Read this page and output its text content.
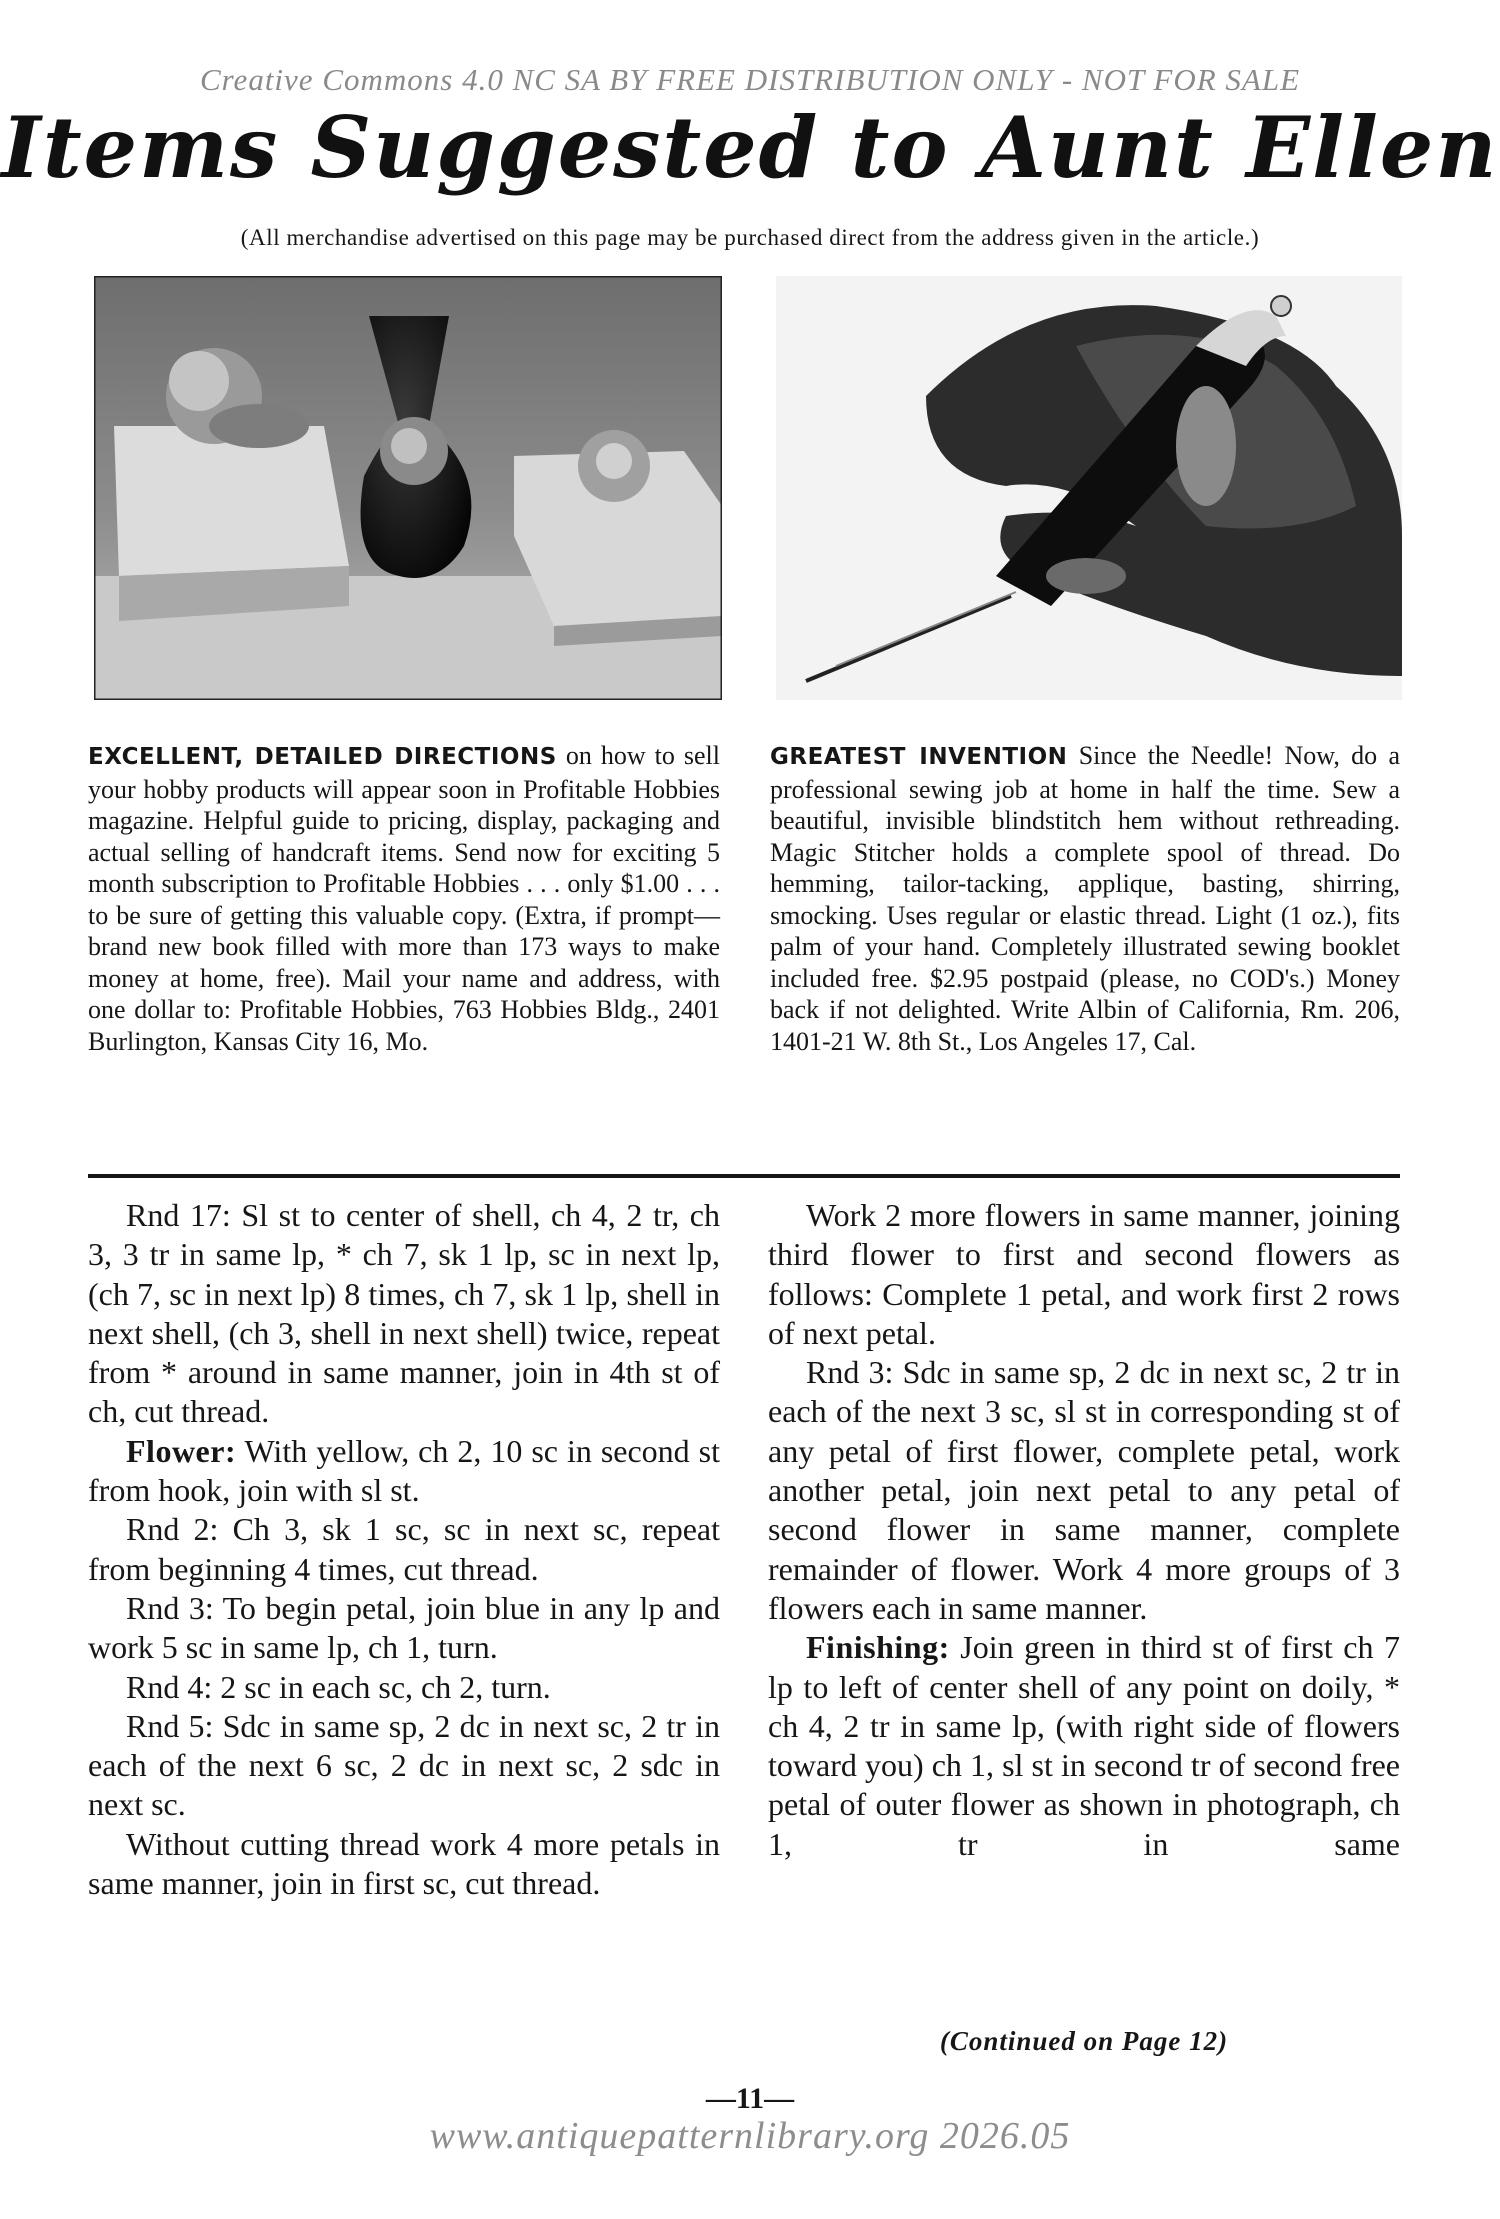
Creative Commons 4.0 NC SA BY FREE DISTRIBUTION ONLY - NOT FOR SALE
Items Suggested to Aunt Ellen
(All merchandise advertised on this page may be purchased direct from the address given in the article.)
EXCELLENT, DETAILED DIRECTIONS on how to sell your hobby products will appear soon in Profitable Hobbies magazine. Helpful guide to pricing, display, packaging and actual selling of handcraft items. Send now for exciting 5 month subscription to Profitable Hobbies . . . only $1.00 . . . to be sure of getting this valuable copy. (Extra, if prompt—brand new book filled with more than 173 ways to make money at home, free). Mail your name and address, with one dollar to: Profitable Hobbies, 763 Hobbies Bldg., 2401 Burlington, Kansas City 16, Mo.
GREATEST INVENTION Since the Needle! Now, do a professional sewing job at home in half the time. Sew a beautiful, invisible blindstitch hem without rethreading. Magic Stitcher holds a complete spool of thread. Do hemming, tailor-tacking, applique, basting, shirring, smocking. Uses regular or elastic thread. Light (1 oz.), fits palm of your hand. Completely illustrated sewing booklet included free. $2.95 postpaid (please, no COD's.) Money back if not delighted. Write Albin of California, Rm. 206, 1401-21 W. 8th St., Los Angeles 17, Cal.

Rnd 17: Sl st to center of shell, ch 4, 2 tr, ch 3, 3 tr in same lp, * ch 7, sk 1 lp, sc in next lp, (ch 7, sc in next lp) 8 times, ch 7, sk 1 lp, shell in next shell, (ch 3, shell in next shell) twice, repeat from * around in same manner, join in 4th st of ch, cut thread.

Flower: With yellow, ch 2, 10 sc in second st from hook, join with sl st.

Rnd 2: Ch 3, sk 1 sc, sc in next sc, repeat from beginning 4 times, cut thread.

Rnd 3: To begin petal, join blue in any lp and work 5 sc in same lp, ch 1, turn.

Rnd 4: 2 sc in each sc, ch 2, turn.

Rnd 5: Sdc in same sp, 2 dc in next sc, 2 tr in each of the next 6 sc, 2 dc in next sc, 2 sdc in next sc.

Without cutting thread work 4 more petals in same manner, join in first sc, cut thread.

Work 2 more flowers in same manner, joining third flower to first and second flowers as follows: Complete 1 petal, and work first 2 rows of next petal.

Rnd 3: Sdc in same sp, 2 dc in next sc, 2 tr in each of the next 3 sc, sl st in corresponding st of any petal of first flower, complete petal, work another petal, join next petal to any petal of second flower in same manner, complete remainder of flower. Work 4 more groups of 3 flowers each in same manner.

Finishing: Join green in third st of first ch 7 lp to left of center shell of any point on doily, * ch 4, 2 tr in same lp, (with right side of flowers toward you) ch 1, sl st in second tr of second free petal of outer flower as shown in photograph, ch 1, tr in same

(Continued on Page 12)
—11—
www.antiquepatternlibrary.org 2026.05
